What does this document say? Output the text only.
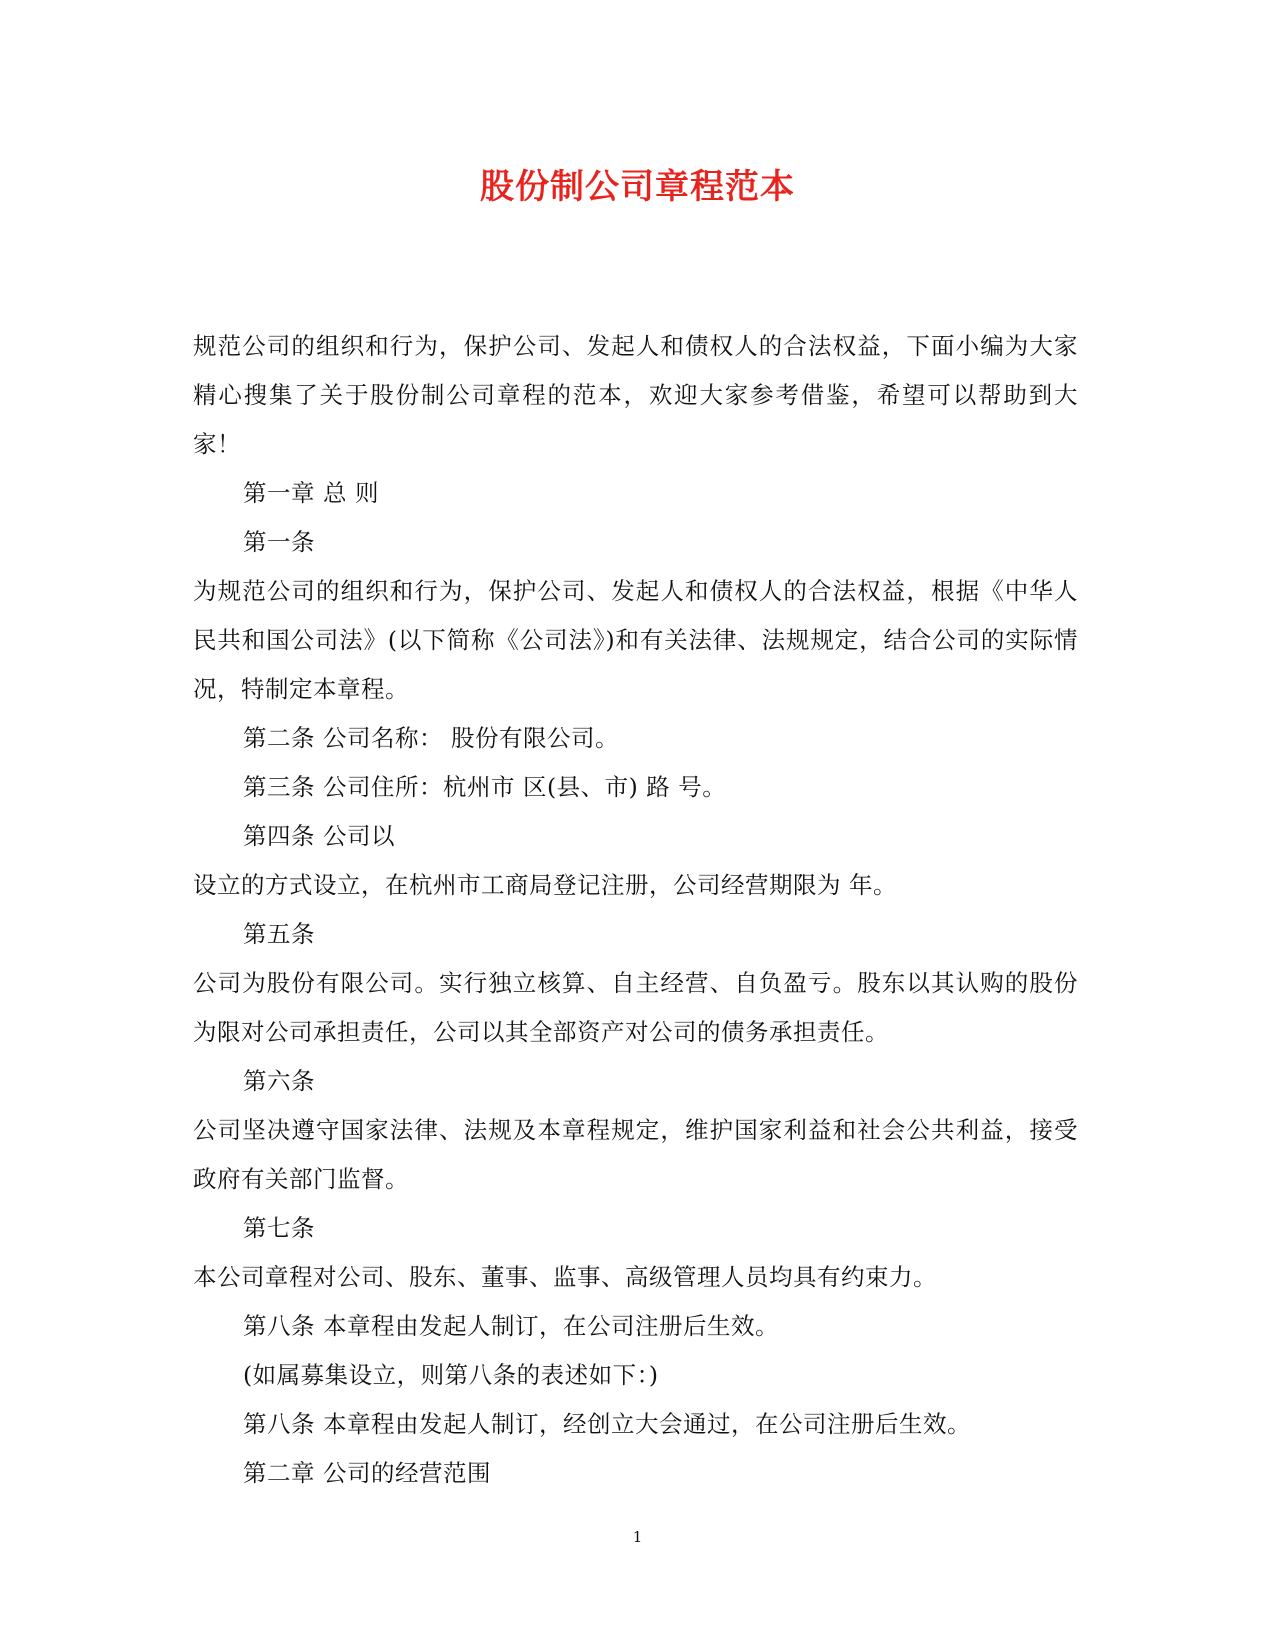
股份制公司章程范本

规范公司的组织和行为，保护公司、发起人和债权人的合法权益，下面小编为大家精心搜集了关于股份制公司章程的范本，欢迎大家参考借鉴，希望可以帮助到大家！

第一章 总 则

第一条

为规范公司的组织和行为，保护公司、发起人和债权人的合法权益，根据《中华人民共和国公司法》(以下简称《公司法》)和有关法律、法规规定，结合公司的实际情况，特制定本章程。

第二条 公司名称： 股份有限公司。

第三条 公司住所：杭州市 区(县、市) 路 号。

第四条 公司以

设立的方式设立，在杭州市工商局登记注册，公司经营期限为 年。

第五条

公司为股份有限公司。实行独立核算、自主经营、自负盈亏。股东以其认购的股份为限对公司承担责任，公司以其全部资产对公司的债务承担责任。

第六条

公司坚决遵守国家法律、法规及本章程规定，维护国家利益和社会公共利益，接受政府有关部门监督。

第七条

本公司章程对公司、股东、董事、监事、高级管理人员均具有约束力。

第八条 本章程由发起人制订，在公司注册后生效。

(如属募集设立，则第八条的表述如下：)

第八条 本章程由发起人制订，经创立大会通过，在公司注册后生效。

第二章 公司的经营范围

1
